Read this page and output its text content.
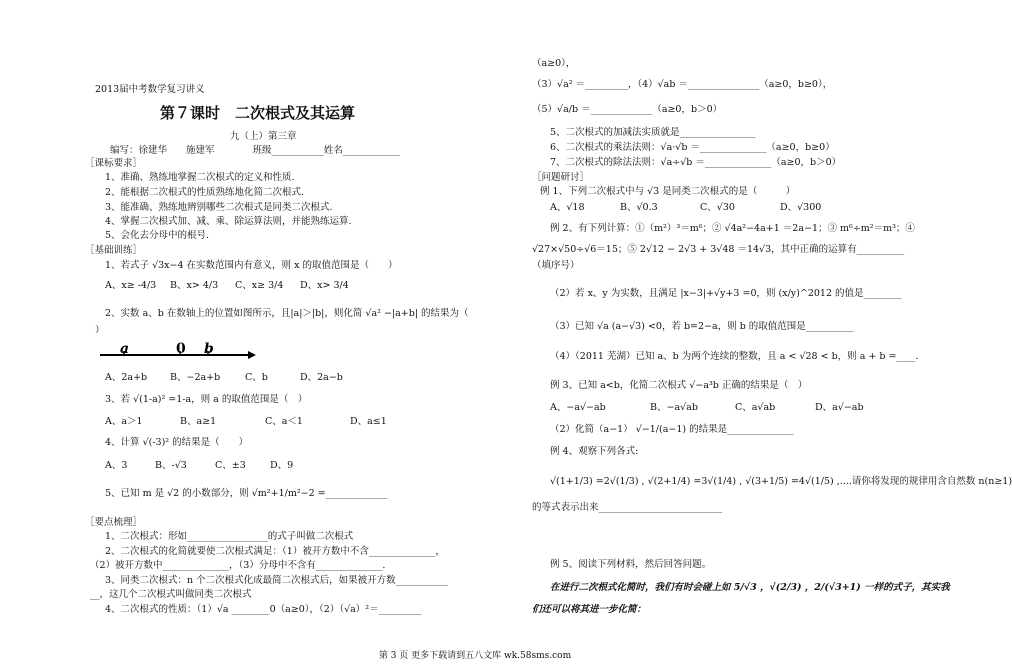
2013届中考数学复习讲义
第７课时　二次根式及其运算
九（上）第三章
编写：徐建华　　施建军　　　　班级___________姓名____________
［课标要求］
1、准确、熟练地掌握二次根式的定义和性质.
2、能根据二次根式的性质熟练地化简二次根式.
3、能准确、熟练地辨别哪些二次根式是同类二次根式.
4、掌握二次根式加、减、乘、除运算法则，并能熟练运算.
5、会化去分母中的根号.
［基础训练］
1、若式子 √3x−4 在实数范围内有意义，则 x 的取值范围是（　　）
A、x≥ -4/3 B、x> 4/3 C、x≥ 3/4 D、x> 3/4
2、实数 a、b 在数轴上的位置如图所示，且|a|＞|b|，则化简 √a² −|a+b| 的结果为（
）
a	0 b
A、2a+b B、−2a+b	C、b	D、2a−b
3、若 √(1-a)² =1-a，则 a 的取值范围是（　）
A、a＞1	B、a≥1	C、a＜1	D、a≤1
4、计算 √(-3)² 的结果是（　　）
A、3	B、-√3	C、±3	D、9
5、已知 m 是 √2 的小数部分，则 √m²+1/m²−2 =_____________
［要点梳理］
1、二次根式：形如_________________的式子叫做二次根式
2、二次根式的化简就要使二次根式满足：（1）被开方数中不含______________，
（2）被开方数中______________，（3）分母中不含有______________.
3、同类二次根式：n 个二次根式化成最简二次根式后，如果被开方数___________
__，这几个二次根式叫做同类二次根式
4、二次根式的性质：（1）√a ________0（a≥0），（2）（√a）²＝_________
（a≥0），
（3）√a² ＝_________，（4）√ab ＝_______________（a≥0，b≥0），
（5）√a/b ＝_____________（a≥0，b＞0）
5、二次根式的加减法实质就是________________
6、二次根式的乘法法则：√a·√b ＝______________（a≥0，b≥0）
7、二次根式的除法法则：√a÷√b ＝______________（a≥0，b＞0）
［问题研讨］
例 1、下列二次根式中与 √3 是同类二次根式的是（　　　）
A、√18	B、√0.3	C、√30	D、√300
例 2、有下列计算：①（m²）³＝m⁶；② √4a²−4a+1 ＝2a−1；③ m⁶÷m²＝m³；④
√27×√50÷√6＝15；⑤ 2√12 − 2√3 + 3√48 ＝14√3，其中正确的运算有__________
（填序号）
（2）若 x、y 为实数，且满足 |x−3|+√y+3 =0，则 (x/y)^2012 的值是________
（3）已知 √a (a−√3) <0，若 b=2−a，则 b 的取值范围是__________
（4）（2011 芜湖）已知 a、b 为两个连续的整数，且 a < √28 < b，则 a + b =____.
例 3、已知 a<b，化简二次根式 √−a³b 正确的结果是（　）
A、−a√−ab	B、−a√ab	C、a√ab	D、a√−ab
（2）化简（a−1） √−1/(a−1) 的结果是______________
例 4、观察下列各式:
√(1+1/3) =2√(1/3) , √(2+1/4) =3√(1/4) , √(3+1/5) =4√(1/5) ,....请你将发现的规律用含自然数 n(n≥1)
的等式表示出来__________________________
例 5、阅读下列材料，然后回答问题。
在进行二次根式化简时，我们有时会碰上如 5/√3 ，√(2/3) ，2/(√3+1) 一样的式子，其实我
们还可以将其进一步化简：
第 3 页 更多下载请到五八文库 wk.58sms.com
